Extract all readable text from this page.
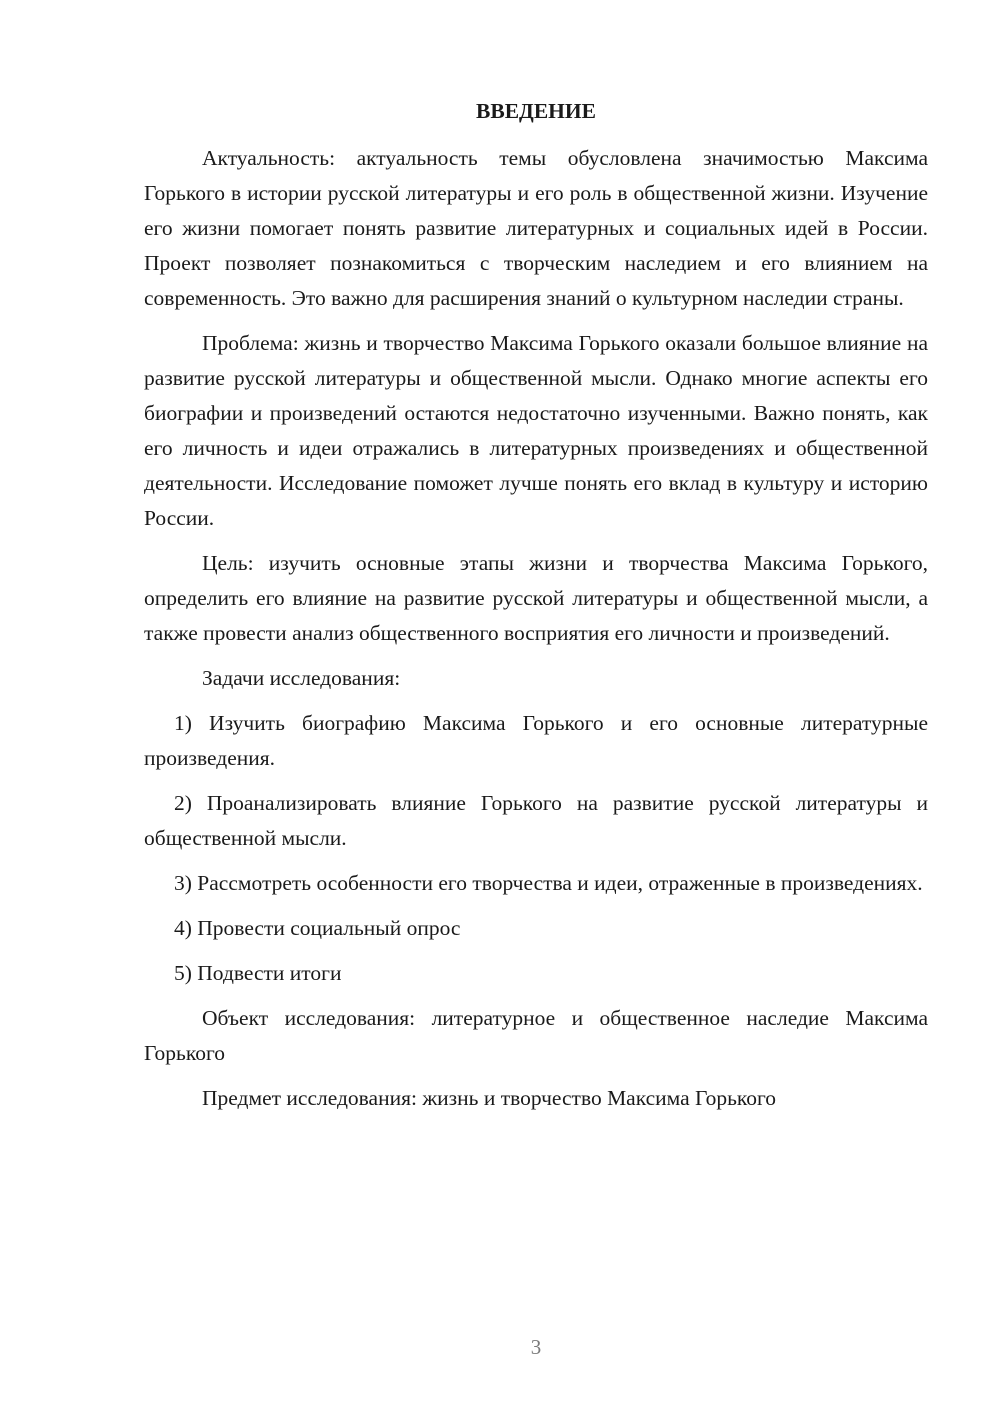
ВВЕДЕНИЕ

Актуальность: актуальность темы обусловлена значимостью Максима Горького в истории русской литературы и его роль в общественной жизни. Изучение его жизни помогает понять развитие литературных и социальных идей в России. Проект позволяет познакомиться с творческим наследием и его влиянием на современность. Это важно для расширения знаний о культурном наследии страны.

Проблема: жизнь и творчество Максима Горького оказали большое влияние на развитие русской литературы и общественной мысли. Однако многие аспекты его биографии и произведений остаются недостаточно изученными. Важно понять, как его личность и идеи отражались в литературных произведениях и общественной деятельности. Исследование поможет лучше понять его вклад в культуру и историю России.

Цель: изучить основные этапы жизни и творчества Максима Горького, определить его влияние на развитие русской литературы и общественной мысли, а также провести анализ общественного восприятия его личности и произведений.

Задачи исследования:

1) Изучить биографию Максима Горького и его основные литературные произведения.

2) Проанализировать влияние Горького на развитие русской литературы и общественной мысли.

3) Рассмотреть особенности его творчества и идеи, отраженные в произведениях.

4) Провести социальный опрос

5) Подвести итоги

Объект исследования: литературное и общественное наследие Максима Горького

Предмет исследования: жизнь и творчество Максима Горького

3
